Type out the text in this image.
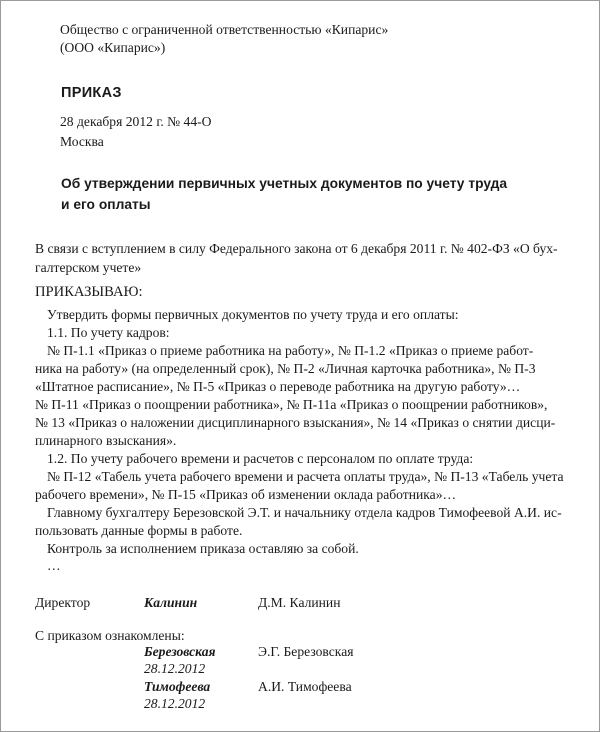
Общество с ограниченной ответственностью «Кипарис»
(ООО «Кипарис»)
ПРИКАЗ
28 декабря 2012 г. № 44-О
Москва
Об утверждении первичных учетных документов по учету труда
и его оплаты
В связи с вступлением в силу Федерального закона от 6 декабря 2011 г. № 402-ФЗ «О бух-
галтерском учете»
ПРИКАЗЫВАЮ:
Утвердить формы первичных документов по учету труда и его оплаты:
1.1. По учету кадров:
№ П-1.1 «Приказ о приеме работника на работу», № П-1.2 «Приказ о приеме работ-
ника на работу» (на определенный срок), № П-2 «Личная карточка работника», № П-3
«Штатное расписание», № П-5 «Приказ о переводе работника на другую работу»…
№ П-11 «Приказ о поощрении работника», № П-11а «Приказ о поощрении работников»,
№ 13 «Приказ о наложении дисциплинарного взыскания», № 14 «Приказ о снятии дисци-
плинарного взыскания».
1.2. По учету рабочего времени и расчетов с персоналом по оплате труда:
№ П-12 «Табель учета рабочего времени и расчета оплаты труда», № П-13 «Табель учета
рабочего времени», № П-15 «Приказ об изменении оклада работника»…
Главному бухгалтеру Березовской Э.Т. и начальнику отдела кадров Тимофеевой А.И. ис-
пользовать данные формы в работе.
Контроль за исполнением приказа оставляю за собой.
…
Директор	Калинин	Д.М. Калинин
С приказом ознакомлены:
Березовская	Э.Г. Березовская
28.12.2012
Тимофеева	А.И. Тимофеева
28.12.2012
